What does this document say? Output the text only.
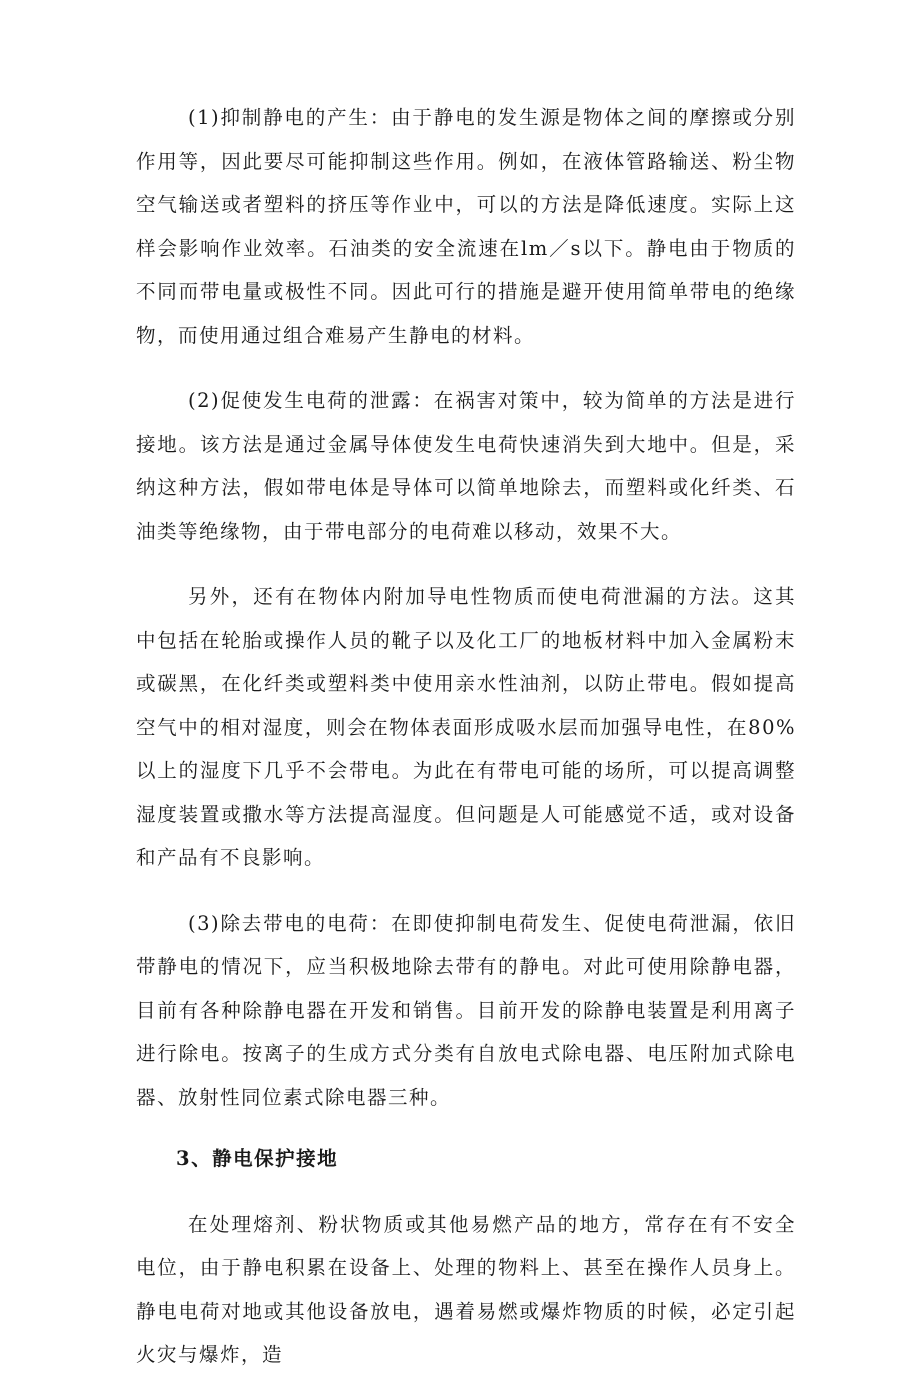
(1)抑制静电的产生：由于静电的发生源是物体之间的摩擦或分别作用等，因此要尽可能抑制这些作用。例如，在液体管路输送、粉尘物空气输送或者塑料的挤压等作业中，可以的方法是降低速度。实际上这样会影响作业效率。石油类的安全流速在lm／s以下。静电由于物质的不同而带电量或极性不同。因此可行的措施是避开使用简单带电的绝缘物，而使用通过组合难易产生静电的材料。

(2)促使发生电荷的泄露：在祸害对策中，较为简单的方法是进行接地。该方法是通过金属导体使发生电荷快速消失到大地中。但是，采纳这种方法，假如带电体是导体可以简单地除去，而塑料或化纤类、石油类等绝缘物，由于带电部分的电荷难以移动，效果不大。

另外，还有在物体内附加导电性物质而使电荷泄漏的方法。这其中包括在轮胎或操作人员的靴子以及化工厂的地板材料中加入金属粉末或碳黑，在化纤类或塑料类中使用亲水性油剂，以防止带电。假如提高空气中的相对湿度，则会在物体表面形成吸水层而加强导电性，在80%以上的湿度下几乎不会带电。为此在有带电可能的场所，可以提高调整湿度装置或撒水等方法提高湿度。但问题是人可能感觉不适，或对设备和产品有不良影响。

(3)除去带电的电荷：在即使抑制电荷发生、促使电荷泄漏，依旧带静电的情况下，应当积极地除去带有的静电。对此可使用除静电器，目前有各种除静电器在开发和销售。目前开发的除静电装置是利用离子进行除电。按离子的生成方式分类有自放电式除电器、电压附加式除电器、放射性同位素式除电器三种。

3、静电保护接地

在处理熔剂、粉状物质或其他易燃产品的地方，常存在有不安全电位，由于静电积累在设备上、处理的物料上、甚至在操作人员身上。静电电荷对地或其他设备放电，遇着易燃或爆炸物质的时候，必定引起火灾与爆炸，造
